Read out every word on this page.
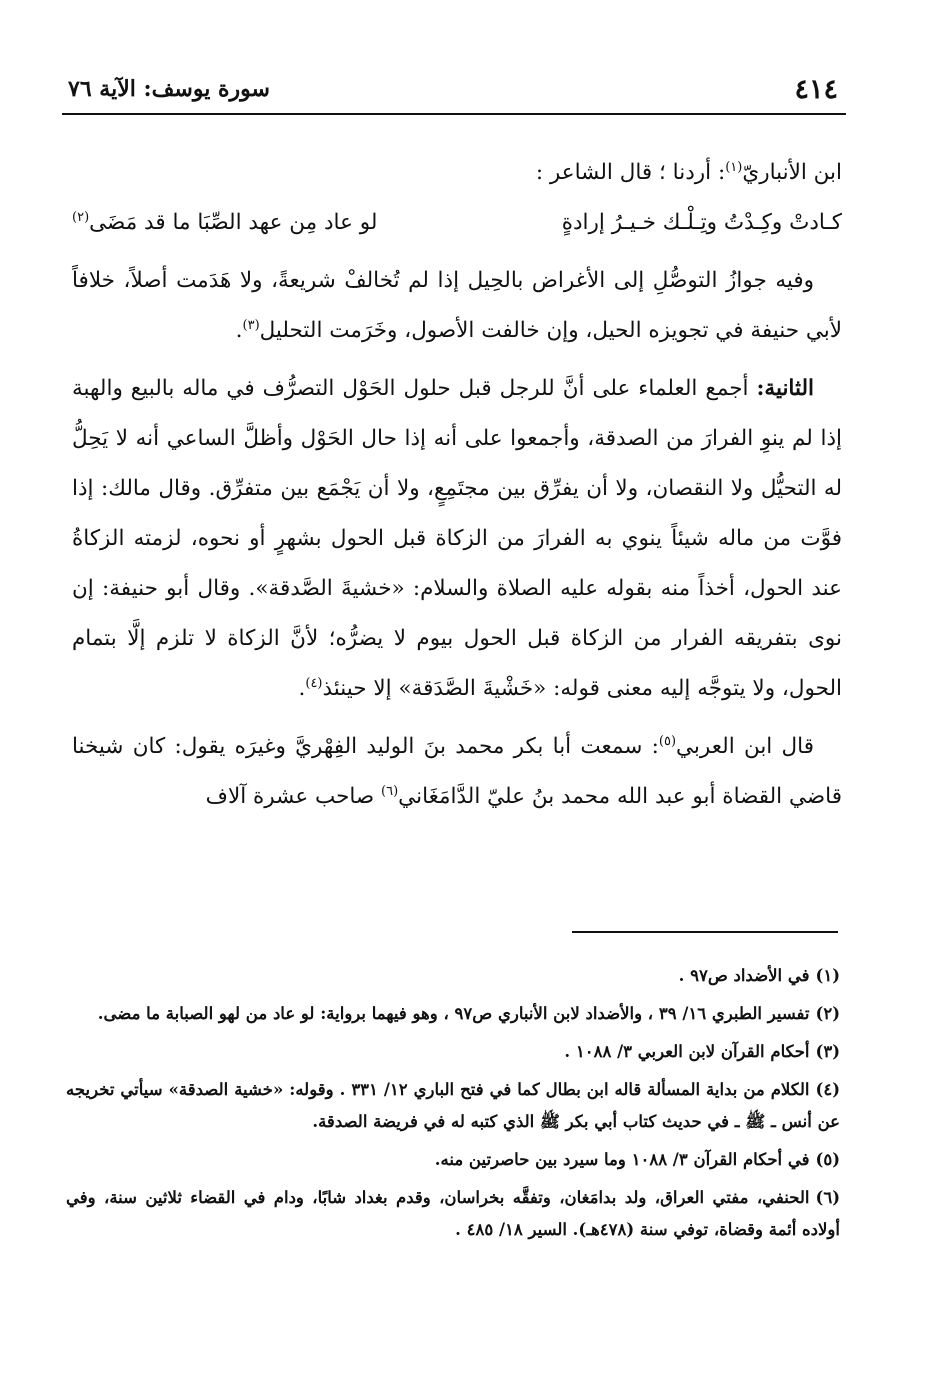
٤١٤
سورة يوسف: الآية ٧٦

ابن الأنباريّ$^{(١)}$: أردنا ؛ قال الشاعر :

كـادتْ وكِـدْتُ وتِـلْـك خـيـرُ إرادةٍ
لو عاد مِن عهد الصِّبَا ما قد مَضَى$^{(٢)}$

وفيه جوازُ التوصُّلِ إلى الأغراض بالحِيل إذا لم تُخالفْ شريعةً، ولا هَدَمت أصلاً، خلافاً لأبي حنيفة في تجويزه الحيل، وإن خالفت الأصول، وخَرَمت التحليل$^{(٣)}$.

الثانية: أجمع العلماء على أنَّ للرجل قبل حلول الحَوْل التصرُّف في ماله بالبيع والهبة إذا لم ينوِ الفرارَ من الصدقة، وأجمعوا على أنه إذا حال الحَوْل وأظلَّ الساعي أنه لا يَحِلُّ له التحيُّل ولا النقصان، ولا أن يفرِّق بين مجتَمِعٍ، ولا أن يَجْمَع بين متفرِّق. وقال مالك: إذا فوَّت من ماله شيئاً ينوي به الفرارَ من الزكاة قبل الحول بشهرٍ أو نحوه، لزمته الزكاةُ عند الحول، أخذاً منه بقوله عليه الصلاة والسلام: «خشيةَ الصَّدقة». وقال أبو حنيفة: إن نوى بتفريقه الفرار من الزكاة قبل الحول بيوم لا يضرُّه؛ لأنَّ الزكاة لا تلزم إلَّا بتمام الحول، ولا يتوجَّه إليه معنى قوله: «خَشْيةَ الصَّدَقة» إلا حينئذ$^{(٤)}$.

قال ابن العربي$^{(٥)}$: سمعت أبا بكر محمد بنَ الوليد الفِهْريَّ وغيرَه يقول: كان شيخنا قاضي القضاة أبو عبد الله محمد بنُ عليّ الدَّامَغَاني$^{(٦)}$ صاحب عشرة آلاف

(١)في الأضداد ص٩٧ .

(٢)تفسير الطبري ١٦/ ٣٩ ، والأضداد لابن الأنباري ص٩٧ ، وهو فيهما برواية: لو عاد من لهو الصبابة ما مضى.

(٣)أحكام القرآن لابن العربي ٣/ ١٠٨٨ .

(٤)الكلام من بداية المسألة قاله ابن بطال كما في فتح الباري ١٢/ ٣٣١ . وقوله: «خشية الصدقة» سيأتي تخريجه عن أنس ـ ﷺ ـ في حديث كتاب أبي بكر ﷺ الذي كتبه له في فريضة الصدقة.

(٥)في أحكام القرآن ٣/ ١٠٨٨ وما سيرد بين حاصرتين منه.

(٦)الحنفي، مفتي العراق، ولد بدامَغان، وتفقَّه بخراسان، وقدم بغداد شابًا، ودام في القضاء ثلاثين سنة، وفي أولاده أئمة وقضاة، توفي سنة (٤٧٨هـ). السير ١٨/ ٤٨٥ .
